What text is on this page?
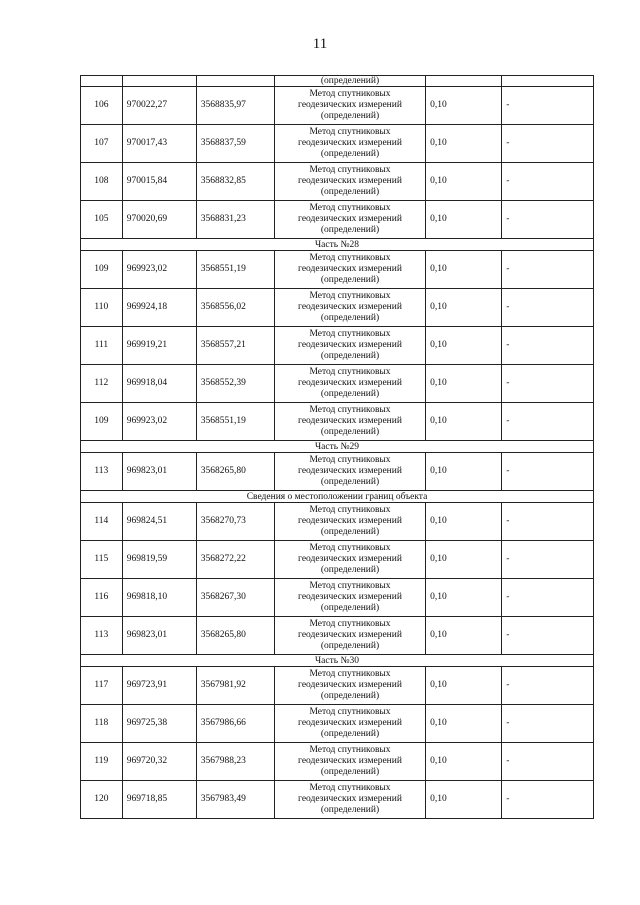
11
			(определений)		
106	970022,27	3568835,97	Метод спутниковых
геодезических измерений
(определений)	0,10	-
107	970017,43	3568837,59	Метод спутниковых
геодезических измерений
(определений)	0,10	-
108	970015,84	3568832,85	Метод спутниковых
геодезических измерений
(определений)	0,10	-
105	970020,69	3568831,23	Метод спутниковых
геодезических измерений
(определений)	0,10	-
Часть №28					
109	969923,02	3568551,19	Метод спутниковых
геодезических измерений
(определений)	0,10	-
110	969924,18	3568556,02	Метод спутниковых
геодезических измерений
(определений)	0,10	-
111	969919,21	3568557,21	Метод спутниковых
геодезических измерений
(определений)	0,10	-
112	969918,04	3568552,39	Метод спутниковых
геодезических измерений
(определений)	0,10	-
109	969923,02	3568551,19	Метод спутниковых
геодезических измерений
(определений)	0,10	-
Часть №29					
113	969823,01	3568265,80	Метод спутниковых
геодезических измерений
(определений)	0,10	-
Сведения о местоположении границ объекта					
114	969824,51	3568270,73	Метод спутниковых
геодезических измерений
(определений)	0,10	-
115	969819,59	3568272,22	Метод спутниковых
геодезических измерений
(определений)	0,10	-
116	969818,10	3568267,30	Метод спутниковых
геодезических измерений
(определений)	0,10	-
113	969823,01	3568265,80	Метод спутниковых
геодезических измерений
(определений)	0,10	-
Часть №30					
117	969723,91	3567981,92	Метод спутниковых
геодезических измерений
(определений)	0,10	-
118	969725,38	3567986,66	Метод спутниковых
геодезических измерений
(определений)	0,10	-
119	969720,32	3567988,23	Метод спутниковых
геодезических измерений
(определений)	0,10	-
120	969718,85	3567983,49	Метод спутниковых
геодезических измерений
(определений)	0,10	-
